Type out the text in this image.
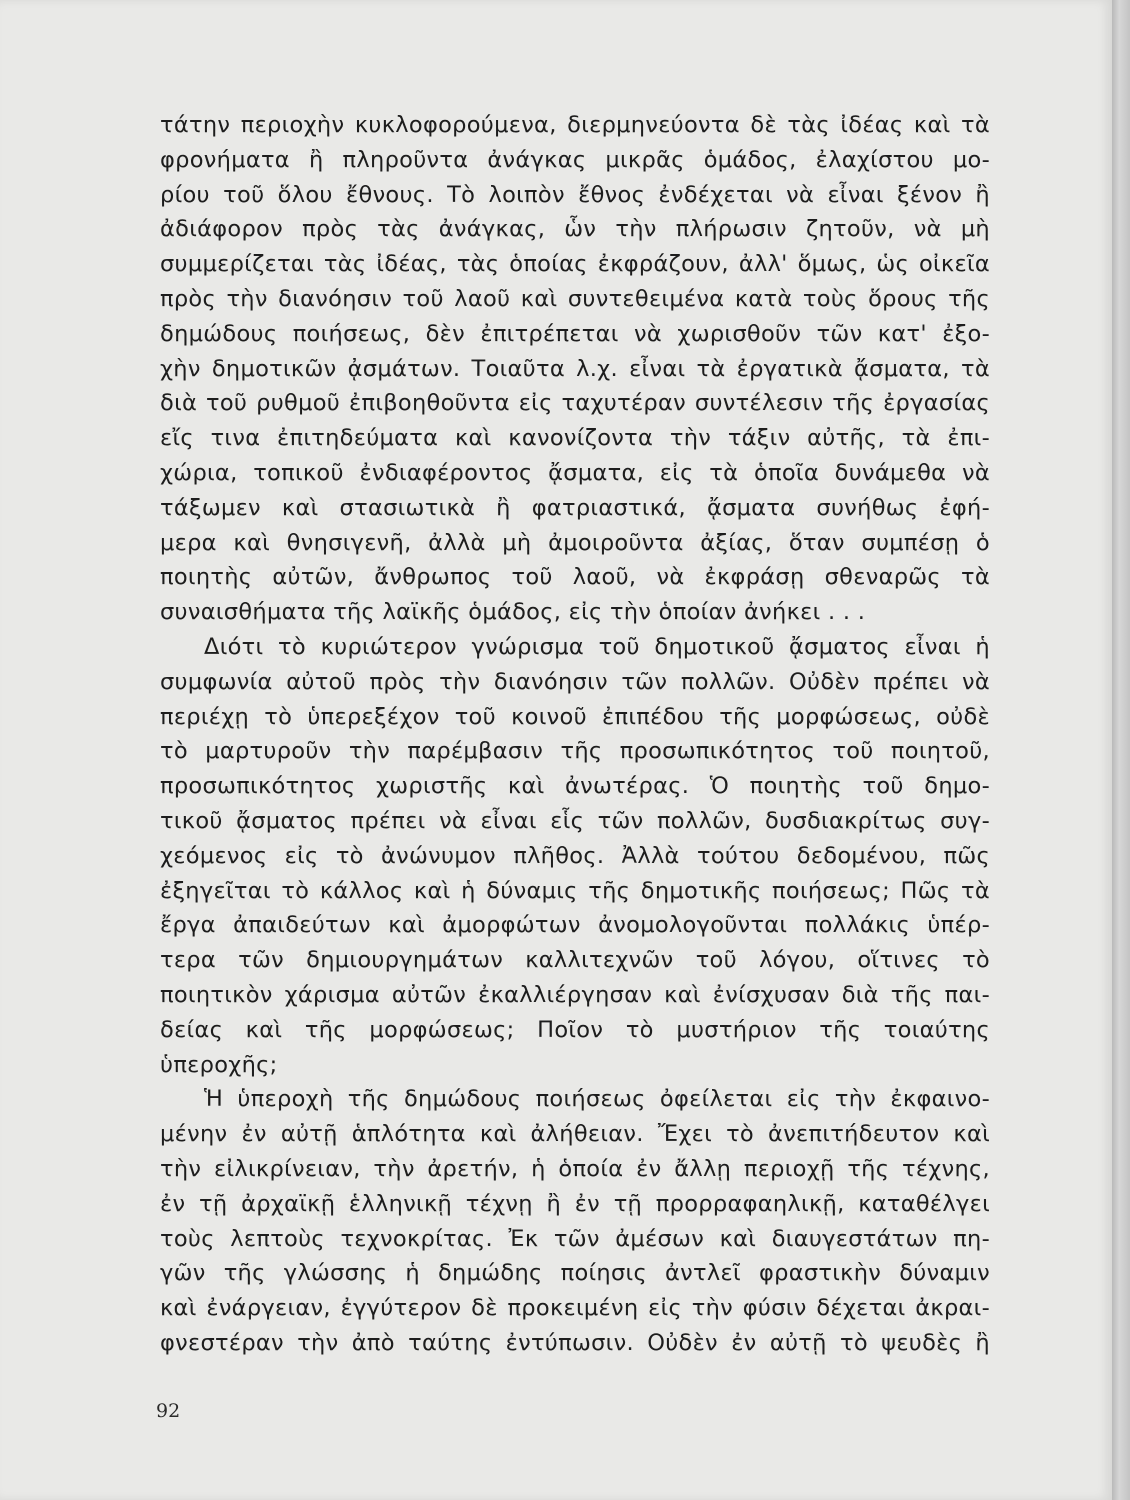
τάτην περιοχὴν κυκλοφορούμενα, διερμηνεύοντα δὲ τὰς ἰδέας καὶ τὰ
φρονήματα ἢ πληροῦντα ἀνάγκας μικρᾶς ὁμάδος, ἐλαχίστου μο-
ρίου τοῦ ὅλου ἔθνους. Τὸ λοιπὸν ἔθνος ἐνδέχεται νὰ εἶναι ξένον ἢ
ἀδιάφορον πρὸς τὰς ἀνάγκας, ὧν τὴν πλήρωσιν ζητοῦν, νὰ μὴ
συμμερίζεται τὰς ἰδέας, τὰς ὁποίας ἐκφράζουν, ἀλλ' ὅμως, ὡς οἰκεῖα
πρὸς τὴν διανόησιν τοῦ λαοῦ καὶ συντεθειμένα κατὰ τοὺς ὅρους τῆς
δημώδους ποιήσεως, δὲν ἐπιτρέπεται νὰ χωρισθοῦν τῶν κατ' ἐξο-
χὴν δημοτικῶν ᾀσμάτων. Τοιαῦτα λ.χ. εἶναι τὰ ἐργατικὰ ᾄσματα, τὰ
διὰ τοῦ ρυθμοῦ ἐπιβοηθοῦντα εἰς ταχυτέραν συντέλεσιν τῆς ἐργασίας
εἴς τινα ἐπιτηδεύματα καὶ κανονίζοντα τὴν τάξιν αὐτῆς, τὰ ἐπι-
χώρια, τοπικοῦ ἐνδιαφέροντος ᾄσματα, εἰς τὰ ὁποῖα δυνάμεθα νὰ
τάξωμεν καὶ στασιωτικὰ ἢ φατριαστικά, ᾄσματα συνήθως ἐφή-
μερα καὶ θνησιγενῆ, ἀλλὰ μὴ ἀμοιροῦντα ἀξίας, ὅταν συμπέσῃ ὁ
ποιητὴς αὐτῶν, ἄνθρωπος τοῦ λαοῦ, νὰ ἐκφράσῃ σθεναρῶς τὰ
συναισθήματα τῆς λαϊκῆς ὁμάδος, εἰς τὴν ὁποίαν ἀνήκει . . .
Διότι τὸ κυριώτερον γνώρισμα τοῦ δημοτικοῦ ᾄσματος εἶναι ἡ
συμφωνία αὐτοῦ πρὸς τὴν διανόησιν τῶν πολλῶν. Οὐδὲν πρέπει νὰ
περιέχῃ τὸ ὑπερεξέχον τοῦ κοινοῦ ἐπιπέδου τῆς μορφώσεως, οὐδὲ
τὸ μαρτυροῦν τὴν παρέμβασιν τῆς προσωπικότητος τοῦ ποιητοῦ,
προσωπικότητος χωριστῆς καὶ ἀνωτέρας. Ὁ ποιητὴς τοῦ δημο-
τικοῦ ᾄσματος πρέπει νὰ εἶναι εἷς τῶν πολλῶν, δυσδιακρίτως συγ-
χεόμενος εἰς τὸ ἀνώνυμον πλῆθος. Ἀλλὰ τούτου δεδομένου, πῶς
ἐξηγεῖται τὸ κάλλος καὶ ἡ δύναμις τῆς δημοτικῆς ποιήσεως; Πῶς τὰ
ἔργα ἀπαιδεύτων καὶ ἀμορφώτων ἀνομολογοῦνται πολλάκις ὑπέρ-
τερα τῶν δημιουργημάτων καλλιτεχνῶν τοῦ λόγου, οἵτινες τὸ
ποιητικὸν χάρισμα αὐτῶν ἐκαλλιέργησαν καὶ ἐνίσχυσαν διὰ τῆς παι-
δείας καὶ τῆς μορφώσεως; Ποῖον τὸ μυστήριον τῆς τοιαύτης
ὑπεροχῆς;
Ἡ ὑπεροχὴ τῆς δημώδους ποιήσεως ὀφείλεται εἰς τὴν ἐκφαινο-
μένην ἐν αὐτῇ ἁπλότητα καὶ ἀλήθειαν. Ἔχει τὸ ἀνεπιτήδευτον καὶ
τὴν εἰλικρίνειαν, τὴν ἀρετήν, ἡ ὁποία ἐν ἄλλῃ περιοχῇ τῆς τέχνης,
ἐν τῇ ἀρχαϊκῇ ἑλληνικῇ τέχνῃ ἢ ἐν τῇ προρραφαηλικῇ, καταθέλγει
τοὺς λεπτοὺς τεχνοκρίτας. Ἐκ τῶν ἀμέσων καὶ διαυγεστάτων πη-
γῶν τῆς γλώσσης ἡ δημώδης ποίησις ἀντλεῖ φραστικὴν δύναμιν
καὶ ἐνάργειαν, ἐγγύτερον δὲ προκειμένη εἰς τὴν φύσιν δέχεται ἀκραι-
φνεστέραν τὴν ἀπὸ ταύτης ἐντύπωσιν. Οὐδὲν ἐν αὐτῇ τὸ ψευδὲς ἢ
92
